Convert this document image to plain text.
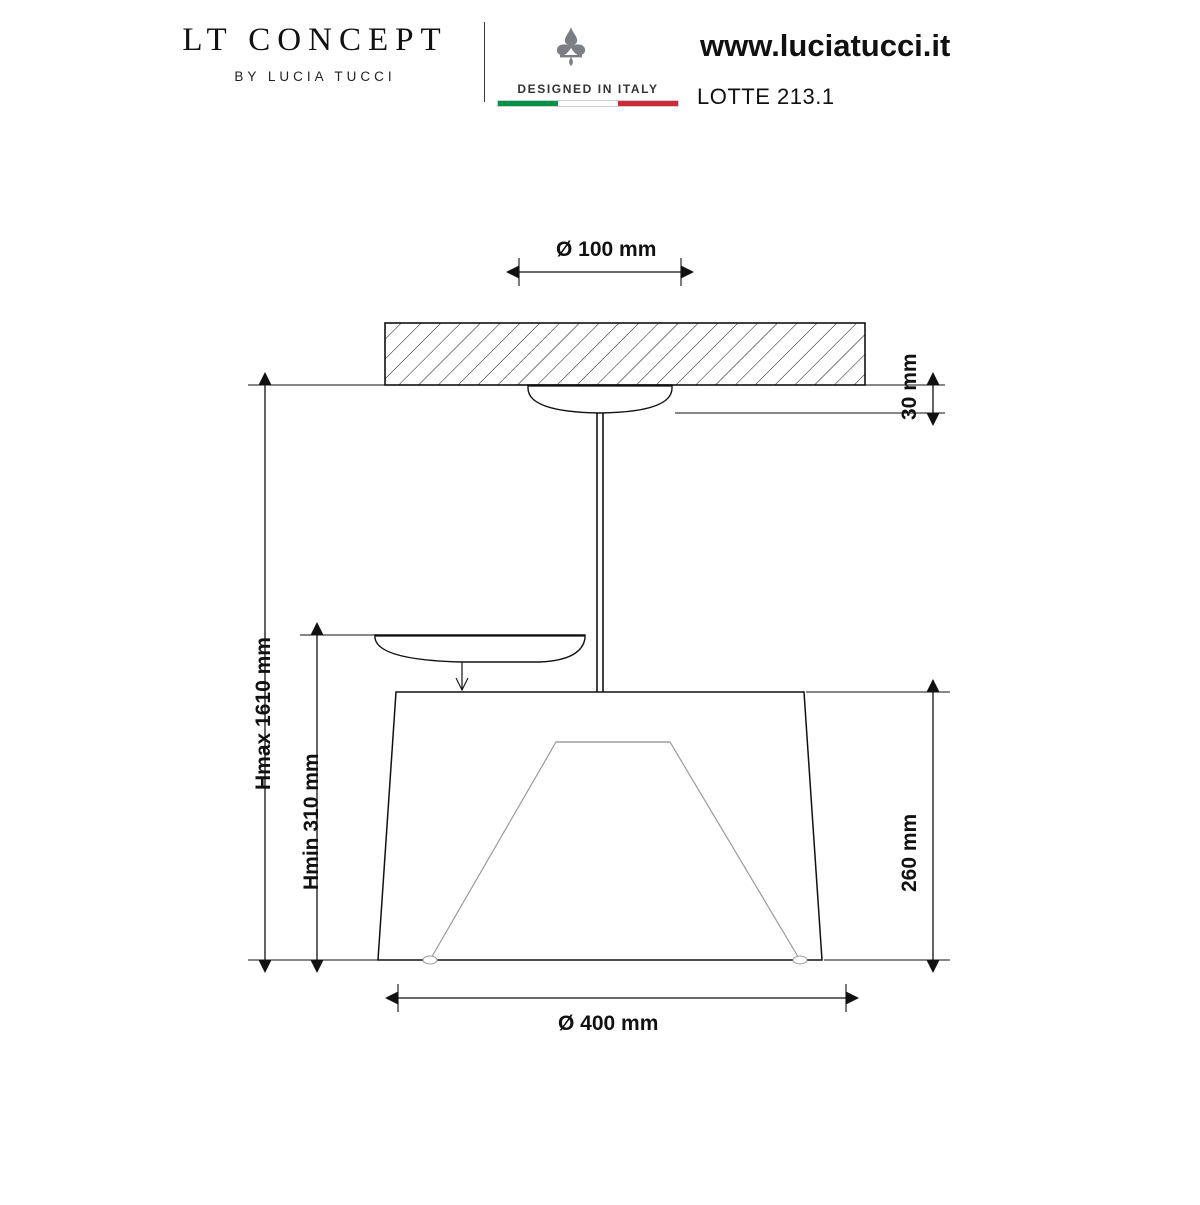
LT CONCEPT
BY LUCIA TUCCI
DESIGNED IN ITALY
www.luciatucci.it
LOTTE 213.1
Ø 100 mm
Ø 400 mm
30 mm
260 mm
Hmax 1610 mm
Hmin 310 mm
